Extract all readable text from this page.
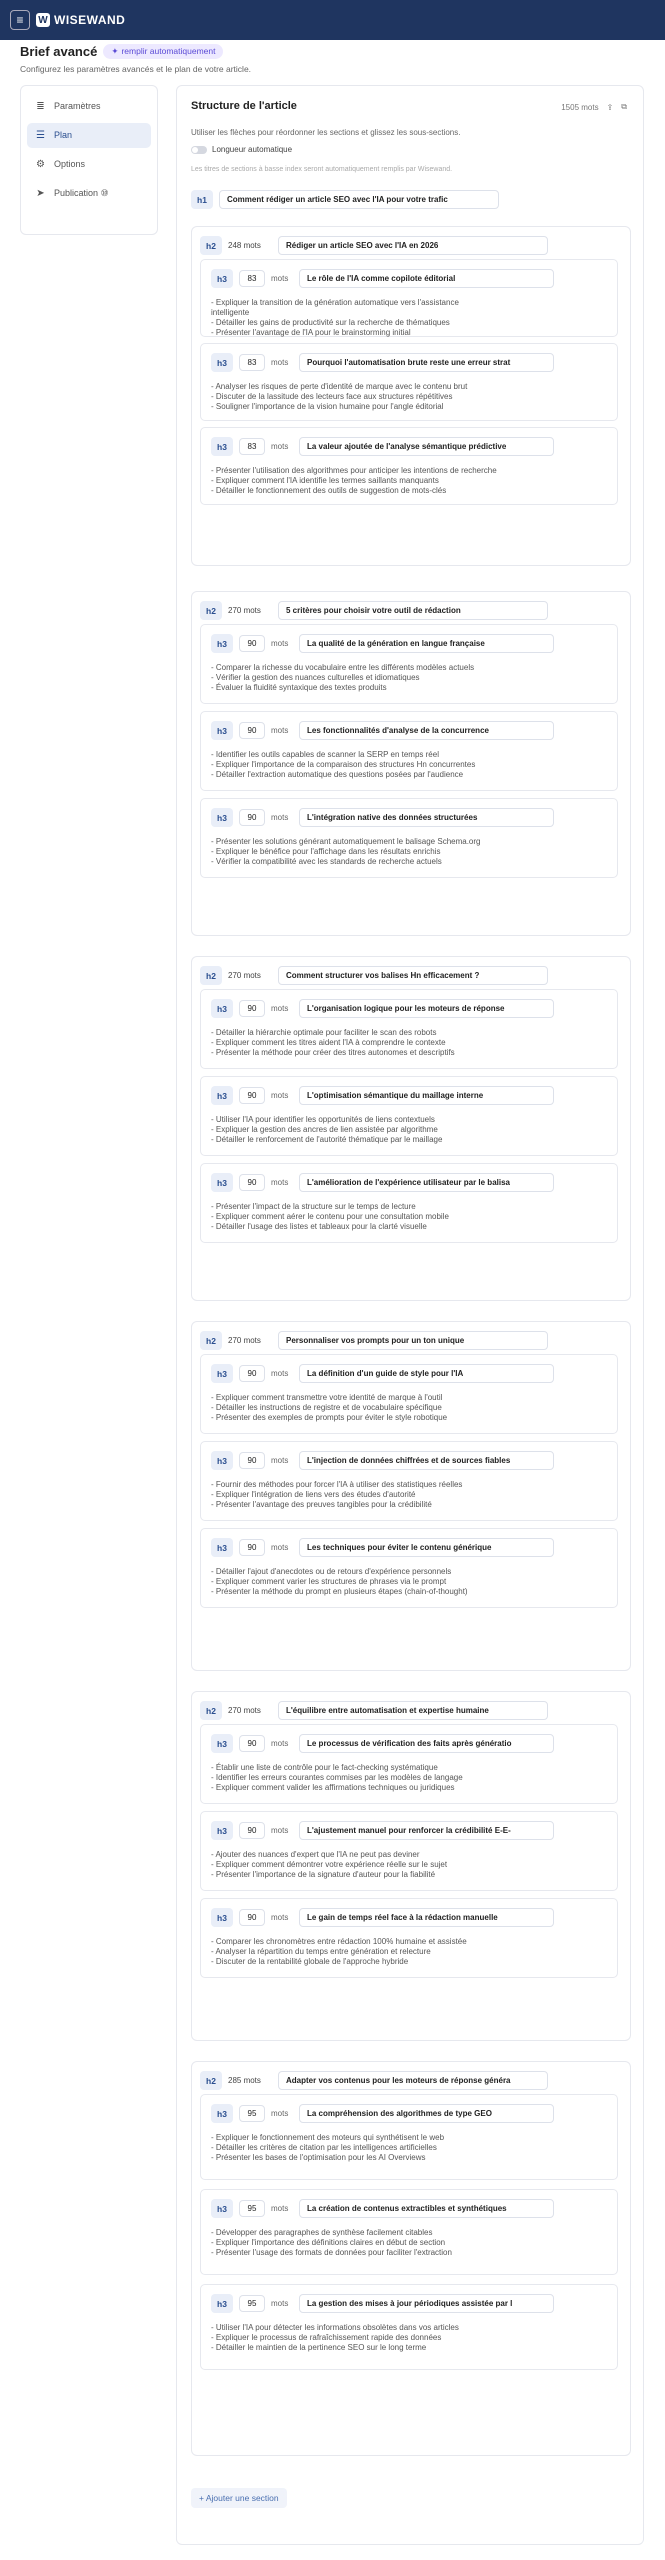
≡	W WISEWAND
Brief avancé ✦ remplir automatiquement
Configurez les paramètres avancés et le plan de votre article.
≣ Paramètres
☰ Plan
⚙ Options
➤ Publication ⑩
Structure de l'article	1505 mots ⇪ ⧉
Utiliser les flèches pour réordonner les sections et glissez les sous-sections.
Longueur automatique
Les titres de sections à basse index seront automatiquement remplis par Wisewand.
h1	Comment rédiger un article SEO avec l'IA pour votre trafic
+ Ajouter une section
h2	248 mots	Rédiger un article SEO avec l'IA en 2026
h3	83	mots	Le rôle de l'IA comme copilote éditorial
- Expliquer la transition de la génération automatique vers l'assistance
intelligente
- Détailler les gains de productivité sur la recherche de thématiques
- Présenter l'avantage de l'IA pour le brainstorming initial
h3	83	mots	Pourquoi l'automatisation brute reste une erreur strat
- Analyser les risques de perte d'identité de marque avec le contenu brut
- Discuter de la lassitude des lecteurs face aux structures répétitives
- Souligner l'importance de la vision humaine pour l'angle éditorial
h3	83	mots	La valeur ajoutée de l'analyse sémantique prédictive
- Présenter l'utilisation des algorithmes pour anticiper les intentions de recherche
- Expliquer comment l'IA identifie les termes saillants manquants
- Détailler le fonctionnement des outils de suggestion de mots-clés
h2	270 mots	5 critères pour choisir votre outil de rédaction
h3	90	mots	La qualité de la génération en langue française
- Comparer la richesse du vocabulaire entre les différents modèles actuels
- Vérifier la gestion des nuances culturelles et idiomatiques
- Évaluer la fluidité syntaxique des textes produits
h3	90	mots	Les fonctionnalités d'analyse de la concurrence
- Identifier les outils capables de scanner la SERP en temps réel
- Expliquer l'importance de la comparaison des structures Hn concurrentes
- Détailler l'extraction automatique des questions posées par l'audience
h3	90	mots	L'intégration native des données structurées
- Présenter les solutions générant automatiquement le balisage Schema.org
- Expliquer le bénéfice pour l'affichage dans les résultats enrichis
- Vérifier la compatibilité avec les standards de recherche actuels
h2	270 mots	Comment structurer vos balises Hn efficacement ?
h3	90	mots	L'organisation logique pour les moteurs de réponse
- Détailler la hiérarchie optimale pour faciliter le scan des robots
- Expliquer comment les titres aident l'IA à comprendre le contexte
- Présenter la méthode pour créer des titres autonomes et descriptifs
h3	90	mots	L'optimisation sémantique du maillage interne
- Utiliser l'IA pour identifier les opportunités de liens contextuels
- Expliquer la gestion des ancres de lien assistée par algorithme
- Détailler le renforcement de l'autorité thématique par le maillage
h3	90	mots	L'amélioration de l'expérience utilisateur par le balisa
- Présenter l'impact de la structure sur le temps de lecture
- Expliquer comment aérer le contenu pour une consultation mobile
- Détailler l'usage des listes et tableaux pour la clarté visuelle
h2	270 mots	Personnaliser vos prompts pour un ton unique
h3	90	mots	La définition d'un guide de style pour l'IA
- Expliquer comment transmettre votre identité de marque à l'outil
- Détailler les instructions de registre et de vocabulaire spécifique
- Présenter des exemples de prompts pour éviter le style robotique
h3	90	mots	L'injection de données chiffrées et de sources fiables
- Fournir des méthodes pour forcer l'IA à utiliser des statistiques réelles
- Expliquer l'intégration de liens vers des études d'autorité
- Présenter l'avantage des preuves tangibles pour la crédibilité
h3	90	mots	Les techniques pour éviter le contenu générique
- Détailler l'ajout d'anecdotes ou de retours d'expérience personnels
- Expliquer comment varier les structures de phrases via le prompt
- Présenter la méthode du prompt en plusieurs étapes (chain-of-thought)
h2	270 mots	L'équilibre entre automatisation et expertise humaine
h3	90	mots	Le processus de vérification des faits après génératio
- Établir une liste de contrôle pour le fact-checking systématique
- Identifier les erreurs courantes commises par les modèles de langage
- Expliquer comment valider les affirmations techniques ou juridiques
h3	90	mots	L'ajustement manuel pour renforcer la crédibilité E-E-
- Ajouter des nuances d'expert que l'IA ne peut pas deviner
- Expliquer comment démontrer votre expérience réelle sur le sujet
- Présenter l'importance de la signature d'auteur pour la fiabilité
h3	90	mots	Le gain de temps réel face à la rédaction manuelle
- Comparer les chronomètres entre rédaction 100% humaine et assistée
- Analyser la répartition du temps entre génération et relecture
- Discuter de la rentabilité globale de l'approche hybride
h2	285 mots	Adapter vos contenus pour les moteurs de réponse généra
h3	95	mots	La compréhension des algorithmes de type GEO
- Expliquer le fonctionnement des moteurs qui synthétisent le web
- Détailler les critères de citation par les intelligences artificielles
- Présenter les bases de l'optimisation pour les AI Overviews
h3	95	mots	La création de contenus extractibles et synthétiques
- Développer des paragraphes de synthèse facilement citables
- Expliquer l'importance des définitions claires en début de section
- Présenter l'usage des formats de données pour faciliter l'extraction
h3	95	mots	La gestion des mises à jour périodiques assistée par l
- Utiliser l'IA pour détecter les informations obsolètes dans vos articles
- Expliquer le processus de rafraîchissement rapide des données
- Détailler le maintien de la pertinence SEO sur le long terme
